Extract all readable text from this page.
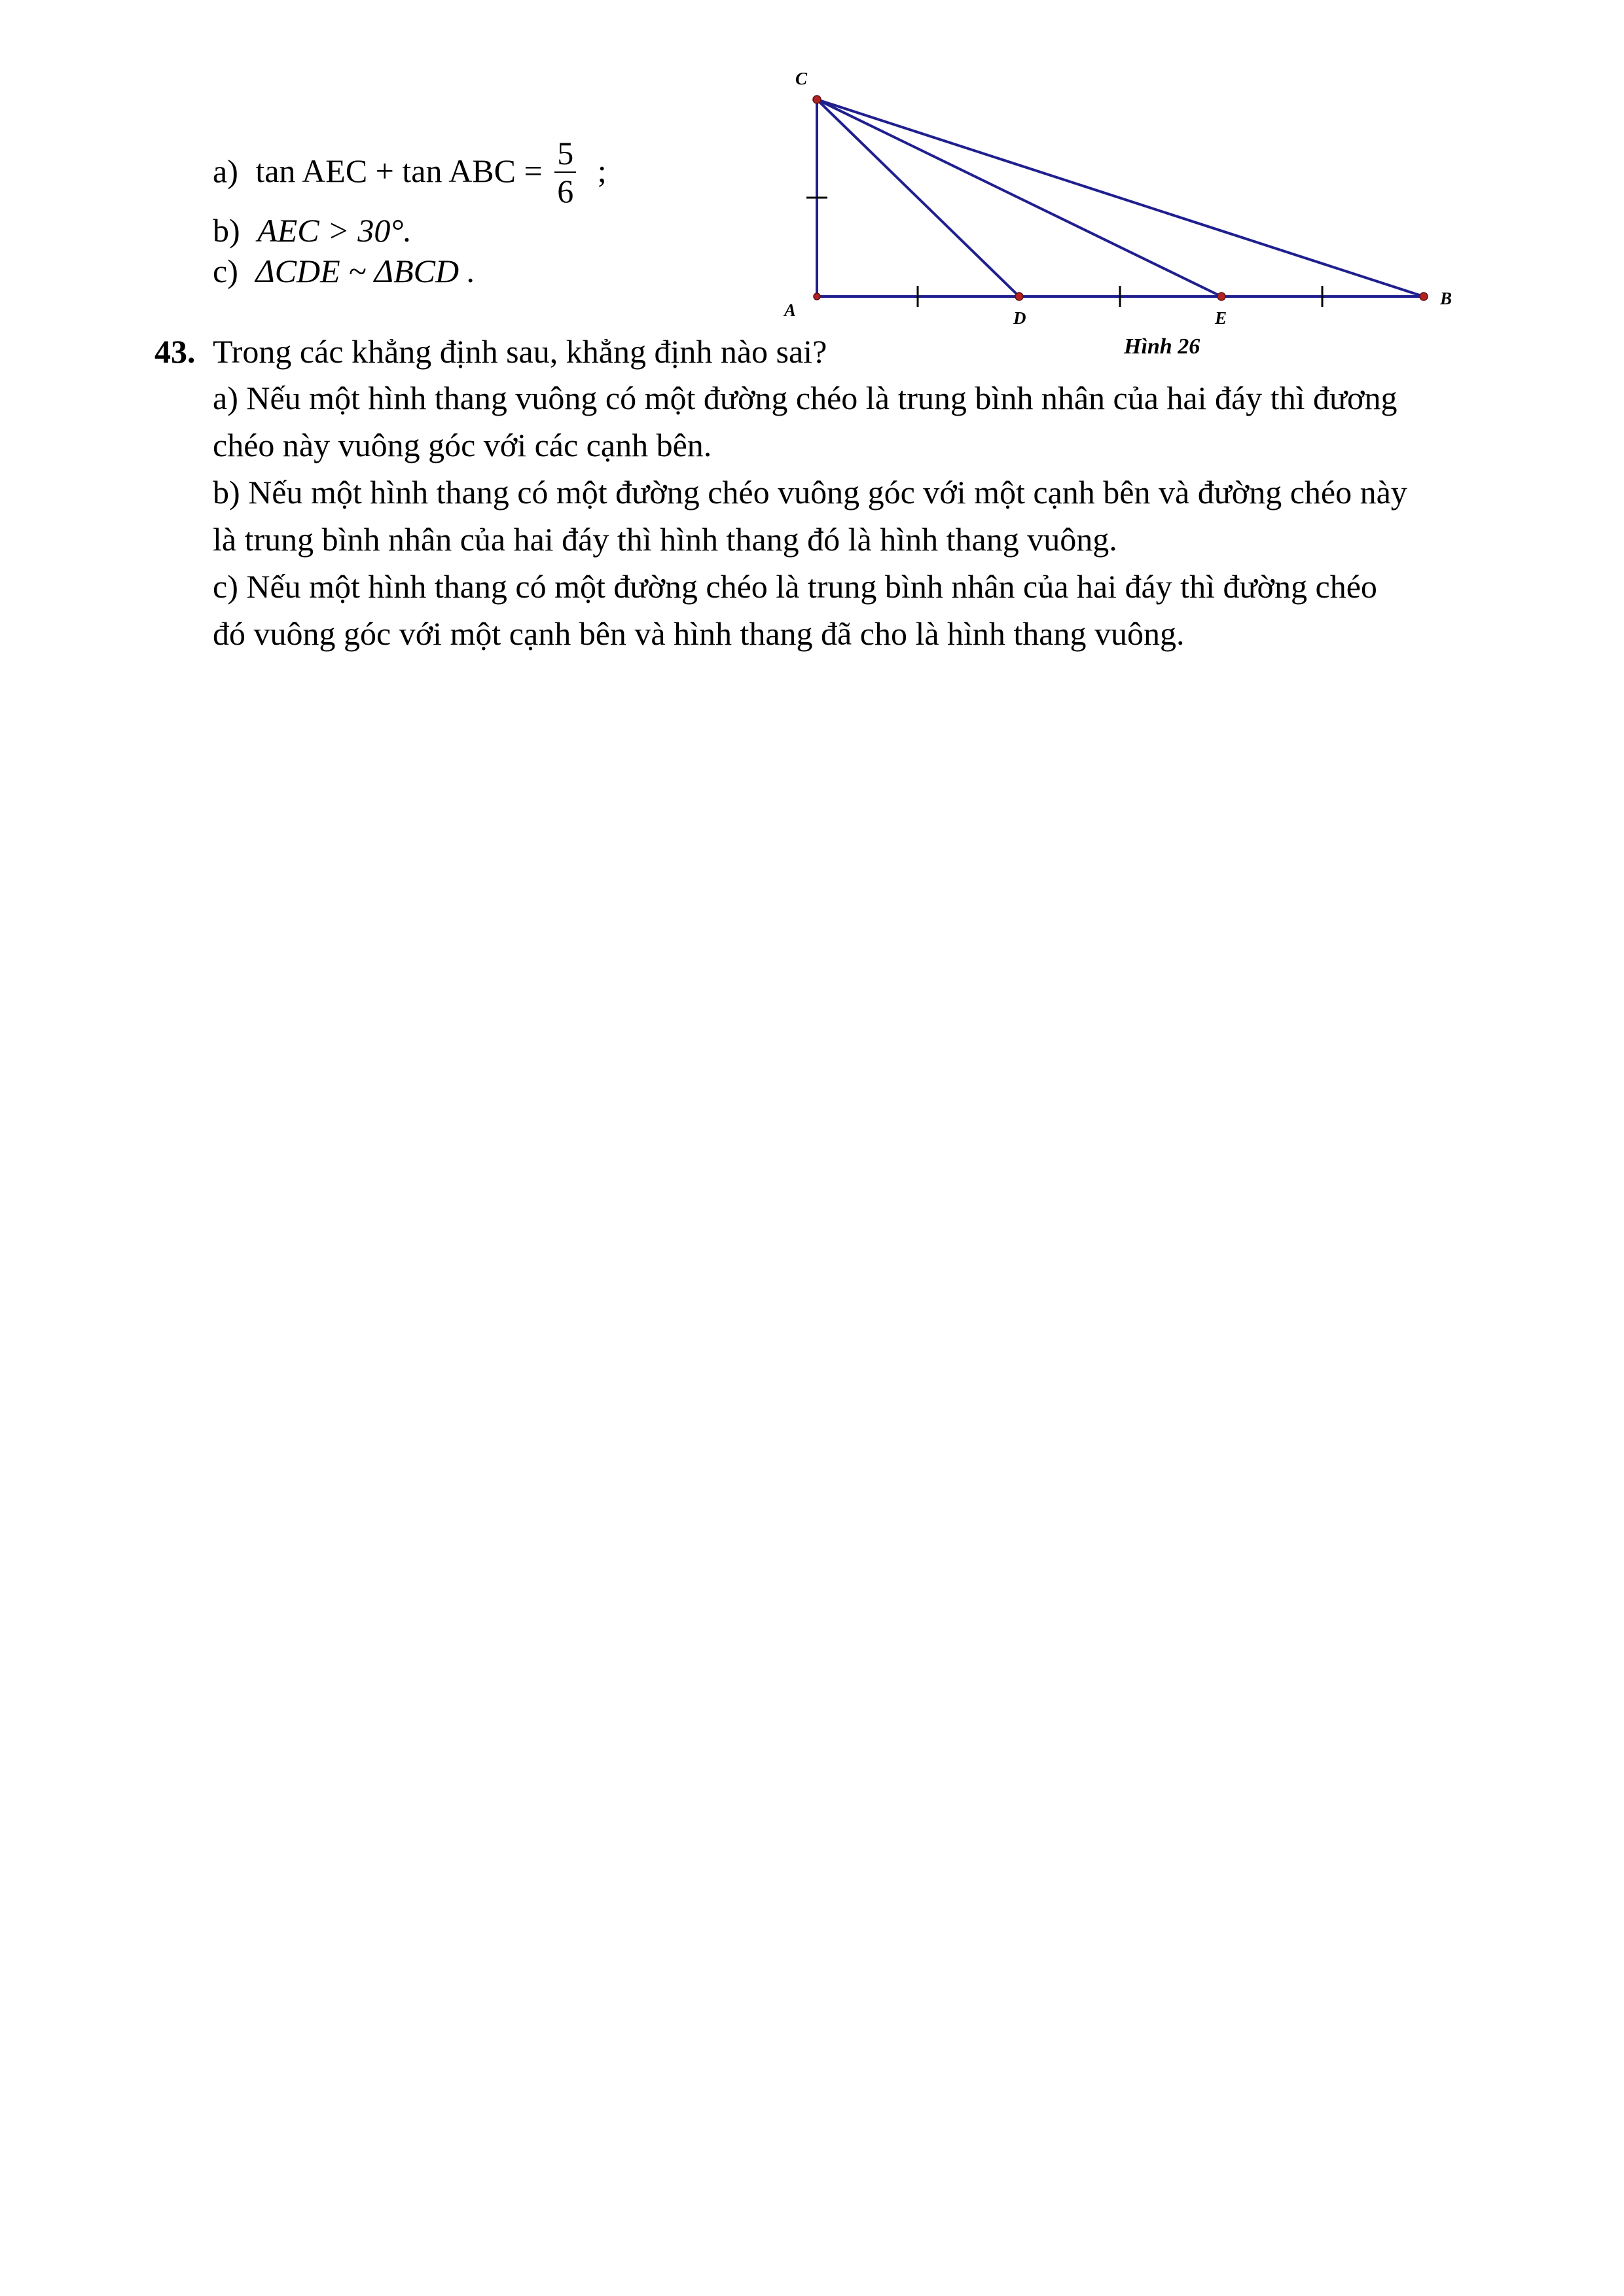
a) tan AEC + tan ABC = $\frac{5}{6}$ ;
b) AEC > 30°.
c) ΔCDE ~ ΔBCD .
C
A	D	E
B
Hình 26
43. Trong các khẳng định sau, khẳng định nào sai?
a) Nếu một hình thang vuông có một đường chéo là trung bình nhân của hai đáy thì đương
chéo này vuông góc với các cạnh bên.
b) Nếu một hình thang có một đường chéo vuông góc với một cạnh bên và đường chéo này
là trung bình nhân của hai đáy thì hình thang đó là hình thang vuông.
c) Nếu một hình thang có một đường chéo là trung bình nhân của hai đáy thì đường chéo
đó vuông góc với một cạnh bên và hình thang đã cho là hình thang vuông.
